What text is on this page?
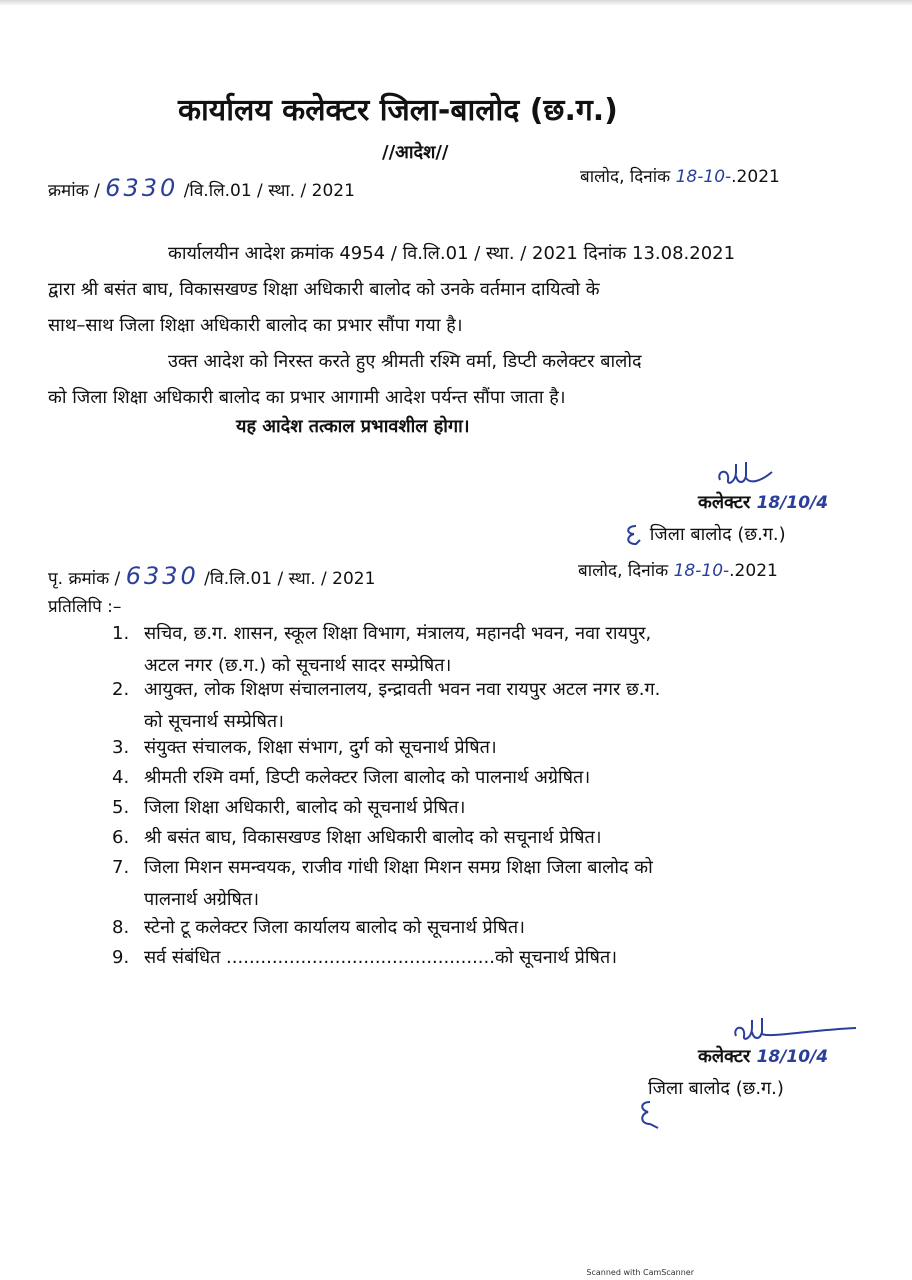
कार्यालय कलेक्टर जिला-बालोद (छ.ग.)
//आदेश//
क्रमांक / 6330 /वि.लि.01 / स्था. / 2021
बालोद, दिनांक 18-10-.2021
कार्यालयीन आदेश क्रमांक 4954 / वि.लि.01 / स्था. / 2021 दिनांक 13.08.2021
द्वारा श्री बसंत बाघ, विकासखण्ड शिक्षा अधिकारी बालोद को उनके वर्तमान दायित्वो के
साथ–साथ जिला शिक्षा अधिकारी बालोद का प्रभार सौंपा गया है।
उक्त आदेश को निरस्त करते हुए श्रीमती रश्मि वर्मा, डिप्टी कलेक्टर बालोद
को जिला शिक्षा अधिकारी बालोद का प्रभार आगामी आदेश पर्यन्त सौंपा जाता है।
यह आदेश तत्काल प्रभावशील होगा।
कलेक्टर 18/10/4
जिला बालोद (छ.ग.)
पृ. क्रमांक / 6330 /वि.लि.01 / स्था. / 2021	बालोद, दिनांक 18-10-.2021
प्रतिलिपि :–
1. सचिव, छ.ग. शासन, स्कूल शिक्षा विभाग, मंत्रालय, महानदी भवन, नवा रायपुर,
अटल नगर (छ.ग.) को सूचनार्थ सादर सम्प्रेषित।
2. आयुक्त, लोक शिक्षण संचालनालय, इन्द्रावती भवन नवा रायपुर अटल नगर छ.ग.
को सूचनार्थ सम्प्रेषित।
3. संयुक्त संचालक, शिक्षा संभाग, दुर्ग को सूचनार्थ प्रेषित।
4. श्रीमती रश्मि वर्मा, डिप्टी कलेक्टर जिला बालोद को पालनार्थ अग्रेषित।
5. जिला शिक्षा अधिकारी, बालोद को सूचनार्थ प्रेषित।
6. श्री बसंत बाघ, विकासखण्ड शिक्षा अधिकारी बालोद को सचूनार्थ प्रेषित।
7. जिला मिशन समन्वयक, राजीव गांधी शिक्षा मिशन समग्र शिक्षा जिला बालोद को
पालनार्थ अग्रेषित।
8. स्टेनो टू कलेक्टर जिला कार्यालय बालोद को सूचनार्थ प्रेषित।
9. सर्व संबंधित ...............................................को सूचनार्थ प्रेषित।
कलेक्टर 18/10/4
जिला बालोद (छ.ग.)
Scanned with CamScanner
